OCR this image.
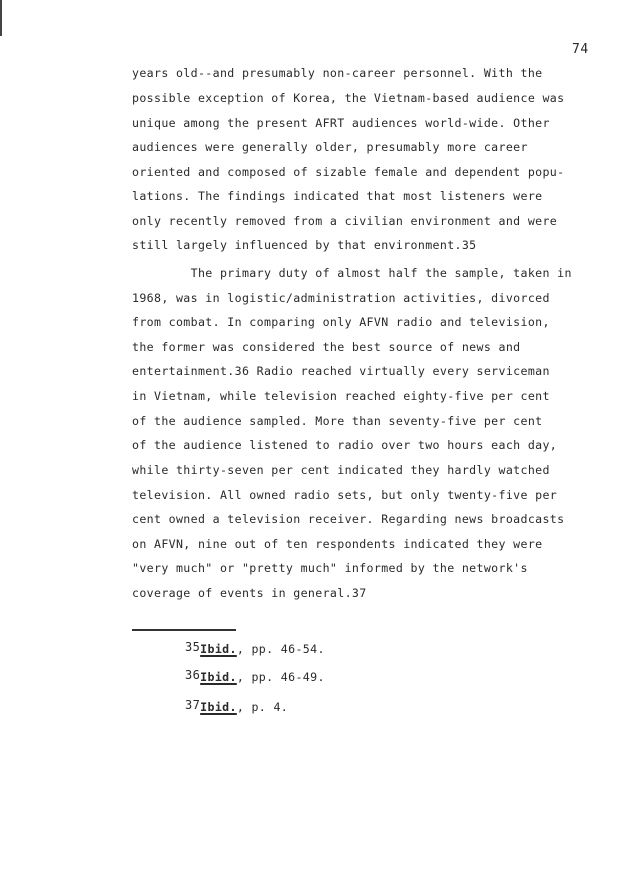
74
years old--and presumably non-career personnel. With the
possible exception of Korea, the Vietnam-based audience was
unique among the present AFRT audiences world-wide. Other
audiences were generally older, presumably more career
oriented and composed of sizable female and dependent popu-
lations. The findings indicated that most listeners were
only recently removed from a civilian environment and were
still largely influenced by that environment.35
The primary duty of almost half the sample, taken in
1968, was in logistic/administration activities, divorced
from combat. In comparing only AFVN radio and television,
the former was considered the best source of news and
entertainment.36 Radio reached virtually every serviceman
in Vietnam, while television reached eighty-five per cent
of the audience sampled. More than seventy-five per cent
of the audience listened to radio over two hours each day,
while thirty-seven per cent indicated they hardly watched
television. All owned radio sets, but only twenty-five per
cent owned a television receiver. Regarding news broadcasts
on AFVN, nine out of ten respondents indicated they were
"very much" or "pretty much" informed by the network's
coverage of events in general.37
$^{35}$Ibid., pp. 46-54.
$^{36}$Ibid., pp. 46-49.
$^{37}$Ibid., p. 4.
